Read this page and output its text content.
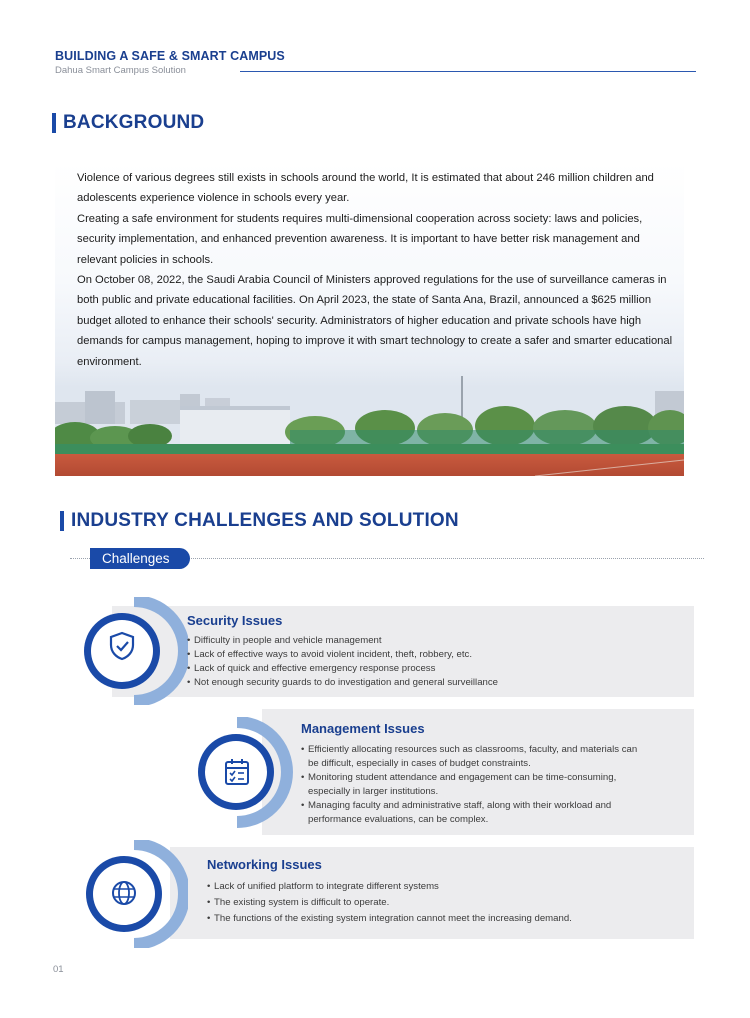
BUILDING A SAFE & SMART CAMPUS
Dahua Smart Campus Solution
BACKGROUND

Violence of various degrees still exists in schools around the world, It is estimated that about 246 million children and adolescents experience violence in schools every year.

Creating a safe environment for students requires multi-dimensional cooperation across society: laws and policies, security implementation, and enhanced prevention awareness. It is important to have better risk management and relevant policies in schools.

On October 08, 2022, the Saudi Arabia Council of Ministers approved regulations for the use of surveillance cameras in both public and private educational facilities. On April 2023, the state of Santa Ana, Brazil, announced a $625 million budget alloted to enhance their schools' security. Administrators of higher education and private schools have high demands for campus management, hoping to improve it with smart technology to create a safer and smarter educational environment.

INDUSTRY CHALLENGES AND SOLUTION
Challenges
Security Issues
• Difficulty in people and vehicle management
• Lack of effective ways to avoid violent incident, theft, robbery, etc.
• Lack of quick and effective emergency response process
• Not enough security guards to do investigation and general surveillance
Management Issues
• Efficiently allocating resources such as classrooms, faculty, and materials can be difficult, especially in cases of budget constraints.
• Monitoring student attendance and engagement can be time-consuming, especially in larger institutions.
• Managing faculty and administrative staff, along with their workload and performance evaluations, can be complex.
Networking Issues
• Lack of unified platform to integrate different systems
• The existing system is difficult to operate.
• The functions of the existing system integration cannot meet the increasing demand.
01
